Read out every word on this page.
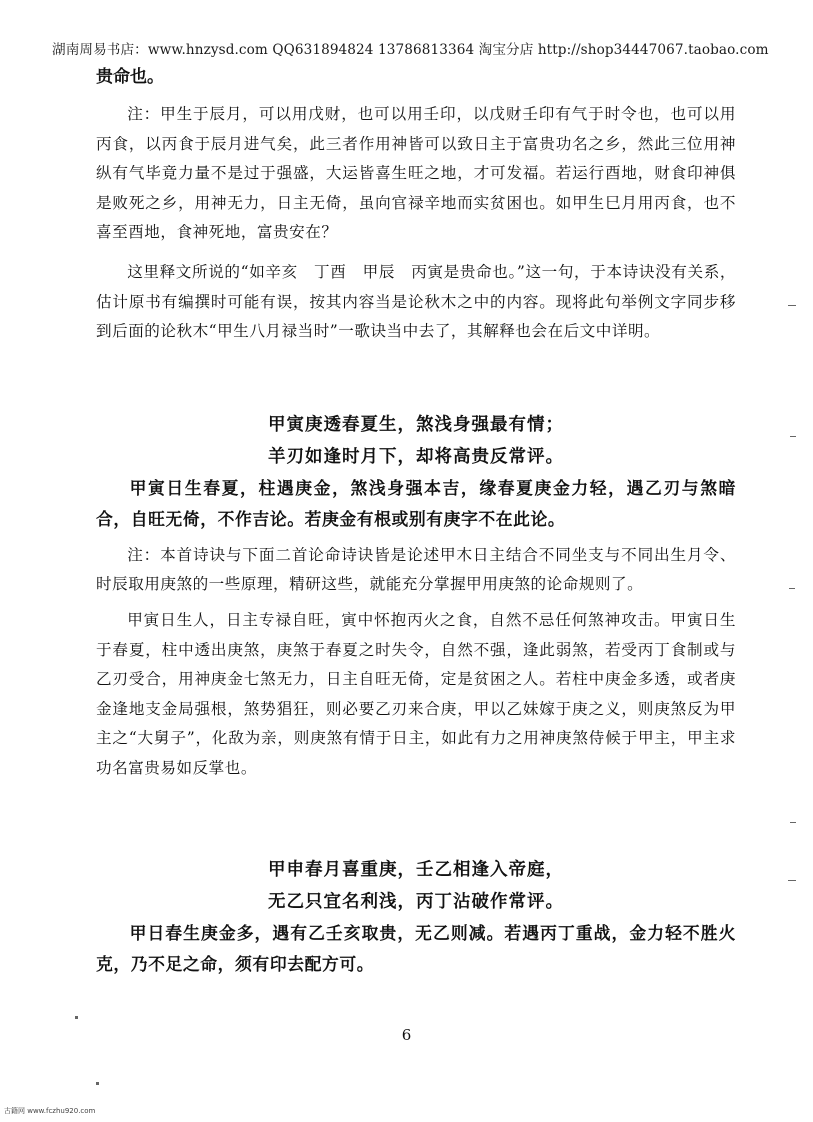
湖南周易书店：www.hnzysd.com QQ631894824 13786813364 淘宝分店 http://shop34447067.taobao.com

贵命也。

注：甲生于辰月，可以用戊财，也可以用壬印，以戊财壬印有气于时令也，也可以用丙食，以丙食于辰月进气矣，此三者作用神皆可以致日主于富贵功名之乡，然此三位用神纵有气毕竟力量不是过于强盛，大运皆喜生旺之地，才可发福。若运行酉地，财食印神俱是败死之乡，用神无力，日主无倚，虽向官禄辛地而实贫困也。如甲生巳月用丙食，也不喜至酉地，食神死地，富贵安在？

这里释文所说的“如辛亥　丁酉　甲辰　丙寅是贵命也。”这一句，于本诗诀没有关系，估计原书有编撰时可能有误，按其内容当是论秋木之中的内容。现将此句举例文字同步移到后面的论秋木“甲生八月禄当时”一歌诀当中去了，其解释也会在后文中详明。

甲寅庚透春夏生，煞浅身强最有情；

羊刃如逢时月下，却将高贵反常评。

甲寅日生春夏，柱遇庚金，煞浅身强本吉，缘春夏庚金力轻，遇乙刃与煞暗合，自旺无倚，不作吉论。若庚金有根或别有庚字不在此论。

注：本首诗诀与下面二首论命诗诀皆是论述甲木日主结合不同坐支与不同出生月令、时辰取用庚煞的一些原理，精研这些，就能充分掌握甲用庚煞的论命规则了。

甲寅日生人，日主专禄自旺，寅中怀抱丙火之食，自然不忌任何煞神攻击。甲寅日生于春夏，柱中透出庚煞，庚煞于春夏之时失令，自然不强，逢此弱煞，若受丙丁食制或与乙刃受合，用神庚金七煞无力，日主自旺无倚，定是贫困之人。若柱中庚金多透，或者庚金逢地支金局强根，煞势猖狂，则必要乙刃来合庚，甲以乙妹嫁于庚之义，则庚煞反为甲主之“大舅子”，化敌为亲，则庚煞有情于日主，如此有力之用神庚煞侍候于甲主，甲主求功名富贵易如反掌也。

甲申春月喜重庚，壬乙相逢入帝庭，

无乙只宜名利浅，丙丁沾破作常评。

甲日春生庚金多，遇有乙壬亥取贵，无乙则减。若遇丙丁重战，金力轻不胜火克，乃不足之命，须有印去配方可。

6
古籍网 www.fczhu920.com
